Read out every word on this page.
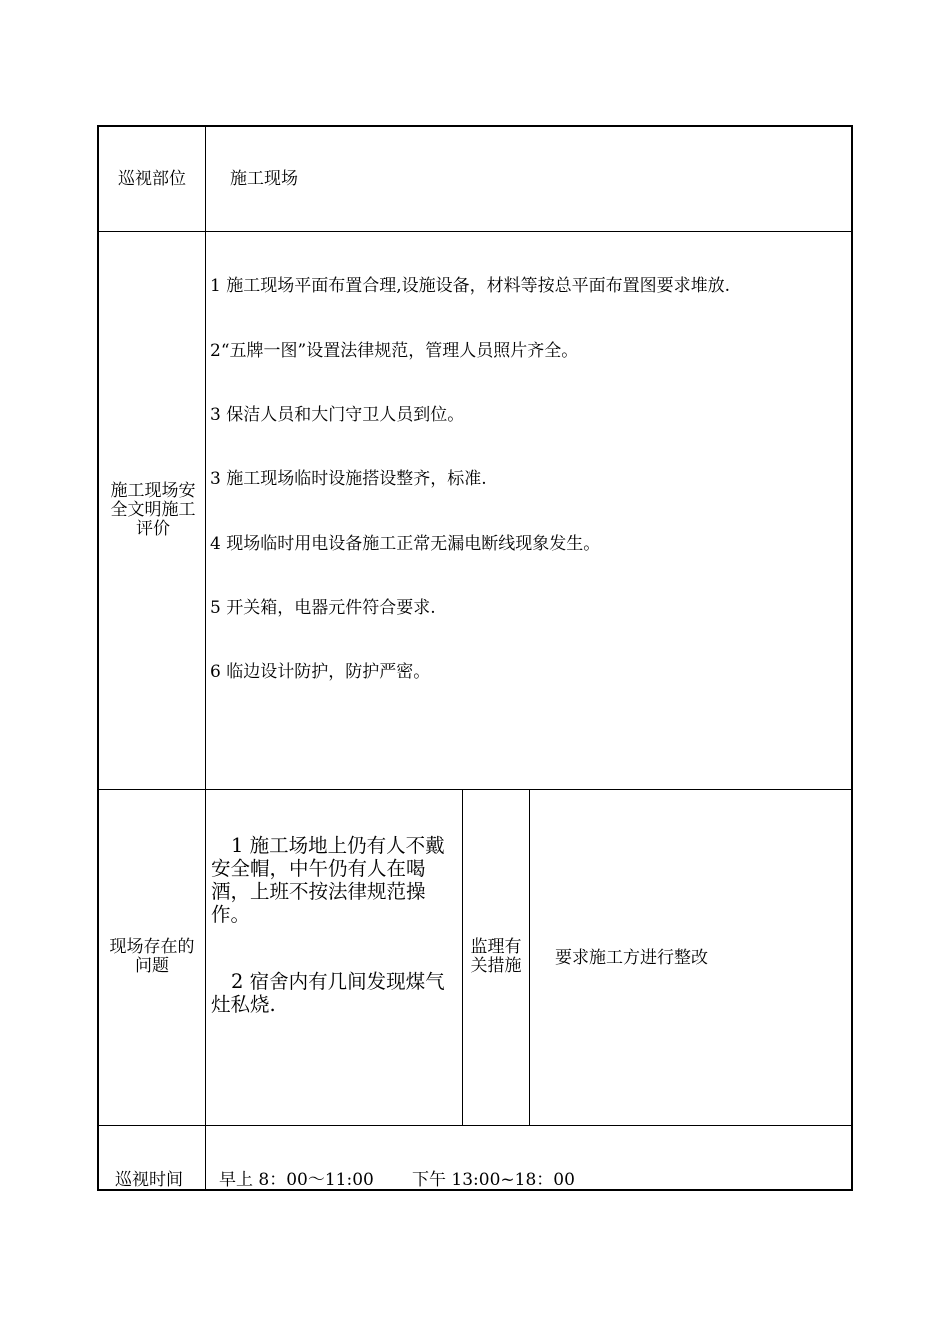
巡视部位	施工现场
施工现场安全文明施工评价
1 施工现场平面布置合理,设施设备，材料等按总平面布置图要求堆放.
2“五牌一图”设置法律规范，管理人员照片齐全。
3 保洁人员和大门守卫人员到位。
3 施工现场临时设施搭设整齐，标准.
4 现场临时用电设备施工正常无漏电断线现象发生。
5 开关箱，电器元件符合要求.
6 临边设计防护，防护严密。
现场存在的问题
1 施工场地上仍有人不戴安全帽，中午仍有人在喝酒，上班不按法律规范操作。
2 宿舍内有几间发现煤气灶私烧.
监理有关措施 要求施工方进行整改
巡视时间 早上 8：00～11:00 下午 13:00~18：00
